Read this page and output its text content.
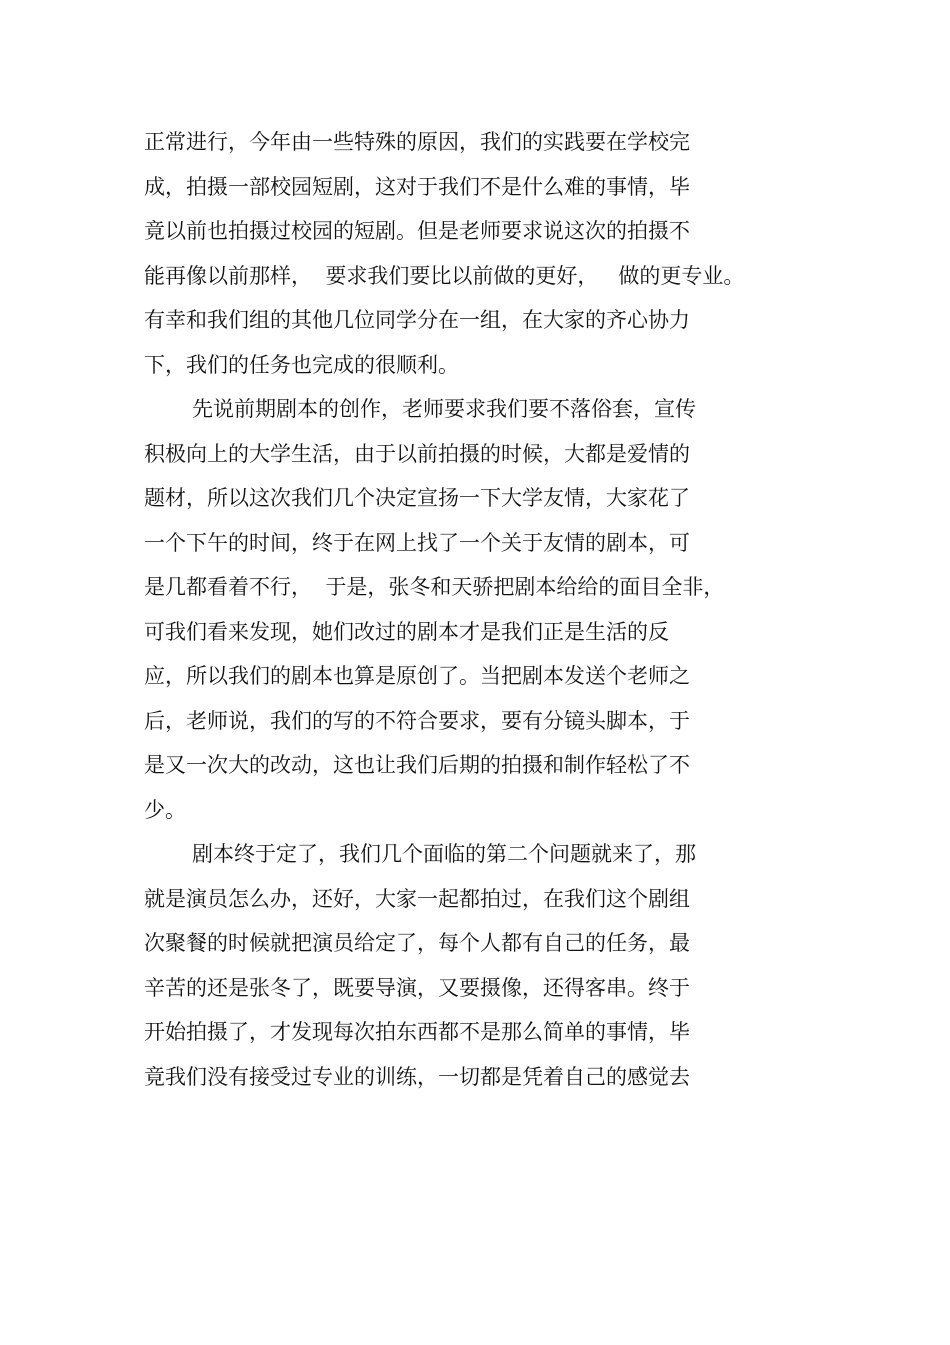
正常进行，今年由一些特殊的原因，我们的实践要在学校完
成，拍摄一部校园短剧，这对于我们不是什么难的事情，毕
竟以前也拍摄过校园的短剧。但是老师要求说这次的拍摄不
能再像以前那样，  要求我们要比以前做的更好，   做的更专业。
有幸和我们组的其他几位同学分在一组，在大家的齐心协力
下，我们的任务也完成的很顺利。
先说前期剧本的创作，老师要求我们要不落俗套，宣传
积极向上的大学生活，由于以前拍摄的时候，大都是爱情的
题材，所以这次我们几个决定宣扬一下大学友情，大家花了
一个下午的时间，终于在网上找了一个关于友情的剧本，可
是几都看着不行，  于是，张冬和天骄把剧本给给的面目全非，
可我们看来发现，她们改过的剧本才是我们正是生活的反
应，所以我们的剧本也算是原创了。当把剧本发送个老师之
后，老师说，我们的写的不符合要求，要有分镜头脚本，于
是又一次大的改动，这也让我们后期的拍摄和制作轻松了不
少。
剧本终于定了，我们几个面临的第二个问题就来了，那
就是演员怎么办，还好，大家一起都拍过，在我们这个剧组
次聚餐的时候就把演员给定了，每个人都有自己的任务，最
辛苦的还是张冬了，既要导演，又要摄像，还得客串。终于
开始拍摄了，才发现每次拍东西都不是那么简单的事情，毕
竟我们没有接受过专业的训练，一切都是凭着自己的感觉去
